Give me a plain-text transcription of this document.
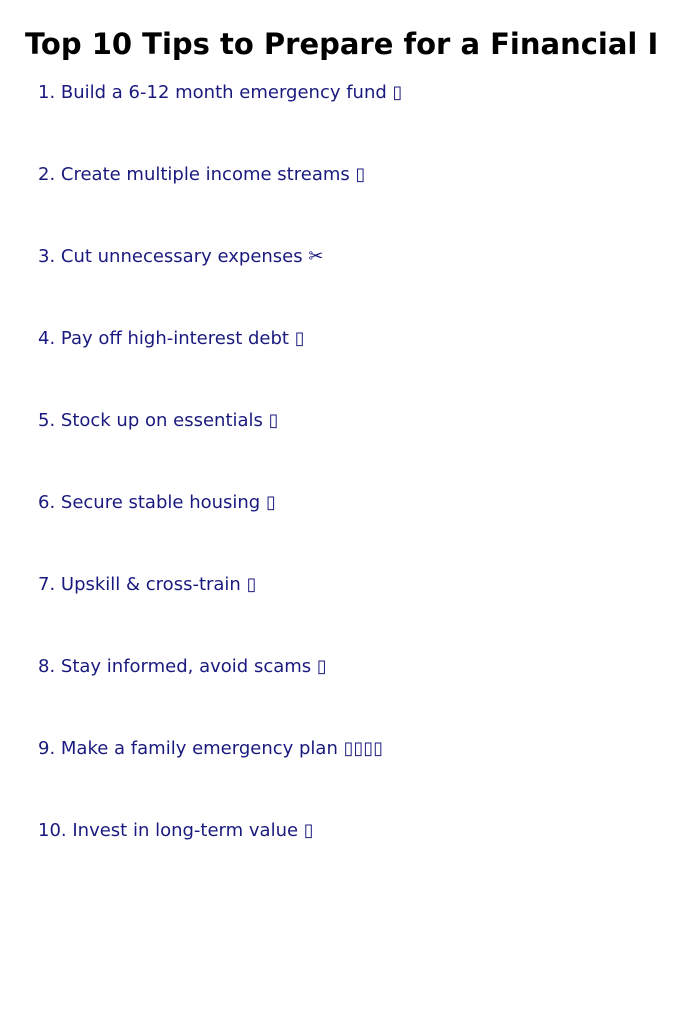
Top 10 Tips to Prepare for a Financial I
1. Build a 6-12 month emergency fund ▯
2. Create multiple income streams ▯
3. Cut unnecessary expenses ✂
4. Pay off high-interest debt ▯
5. Stock up on essentials ▯
6. Secure stable housing ▯
7. Upskill & cross-train ▯
8. Stay informed, avoid scams ▯
9. Make a family emergency plan ▯▯▯▯
10. Invest in long-term value ▯
